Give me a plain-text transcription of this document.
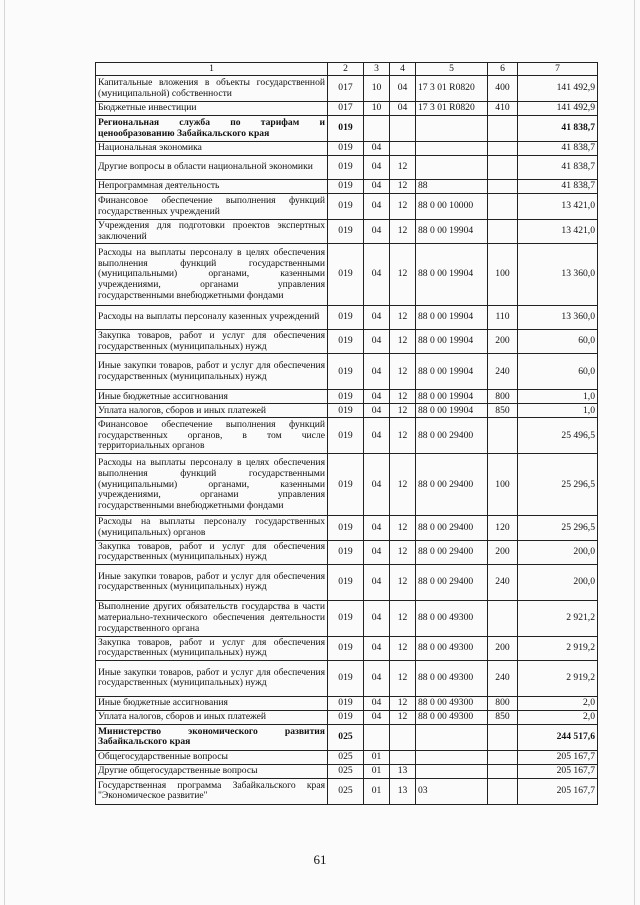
1	2	3	4	5	6	7
Капитальные вложения в объекты государственной (муниципальной) собственности	017	10	04	17 3 01 R0820	400	141 492,9
Бюджетные инвестиции	017	10	04	17 3 01 R0820	410	141 492,9
Региональная служба по тарифам и ценообразованию Забайкальского края	019					41 838,7
Национальная экономика	019	04				41 838,7
Другие вопросы в области национальной экономики	019	04	12			41 838,7
Непрограммная деятельность	019	04	12	88		41 838,7
Финансовое обеспечение выполнения функций государственных учреждений	019	04	12	88 0 00 10000		13 421,0
Учреждения для подготовки проектов экспертных заключений	019	04	12	88 0 00 19904		13 421,0
Расходы на выплаты персоналу в целях обеспечения выполнения функций государственными (муниципальными) органами, казенными учреждениями, органами управления государственными внебюджетными фондами	019	04	12	88 0 00 19904	100	13 360,0
Расходы на выплаты персоналу казенных учреждений	019	04	12	88 0 00 19904	110	13 360,0
Закупка товаров, работ и услуг для обеспечения государственных (муниципальных) нужд	019	04	12	88 0 00 19904	200	60,0
Иные закупки товаров, работ и услуг для обеспечения государственных (муниципальных) нужд	019	04	12	88 0 00 19904	240	60,0
Иные бюджетные ассигнования	019	04	12	88 0 00 19904	800	1,0
Уплата налогов, сборов и иных платежей	019	04	12	88 0 00 19904	850	1,0
Финансовое обеспечение выполнения функций государственных органов, в том числе территориальных органов	019	04	12	88 0 00 29400		25 496,5
Расходы на выплаты персоналу в целях обеспечения выполнения функций государственными (муниципальными) органами, казенными учреждениями, органами управления государственными внебюджетными фондами	019	04	12	88 0 00 29400	100	25 296,5
Расходы на выплаты персоналу государственных (муниципальных) органов	019	04	12	88 0 00 29400	120	25 296,5
Закупка товаров, работ и услуг для обеспечения государственных (муниципальных) нужд	019	04	12	88 0 00 29400	200	200,0
Иные закупки товаров, работ и услуг для обеспечения государственных (муниципальных) нужд	019	04	12	88 0 00 29400	240	200,0
Выполнение других обязательств государства в части материально-технического обеспечения деятельности государственного органа	019	04	12	88 0 00 49300		2 921,2
Закупка товаров, работ и услуг для обеспечения государственных (муниципальных) нужд	019	04	12	88 0 00 49300	200	2 919,2
Иные закупки товаров, работ и услуг для обеспечения государственных (муниципальных) нужд	019	04	12	88 0 00 49300	240	2 919,2
Иные бюджетные ассигнования	019	04	12	88 0 00 49300	800	2,0
Уплата налогов, сборов и иных платежей	019	04	12	88 0 00 49300	850	2,0
Министерство экономического развития Забайкальского края	025					244 517,6
Общегосударственные вопросы	025	01				205 167,7
Другие общегосударственные вопросы	025	01	13			205 167,7
Государственная программа Забайкальского края "Экономическое развитие"	025	01	13	03		205 167,7
61
